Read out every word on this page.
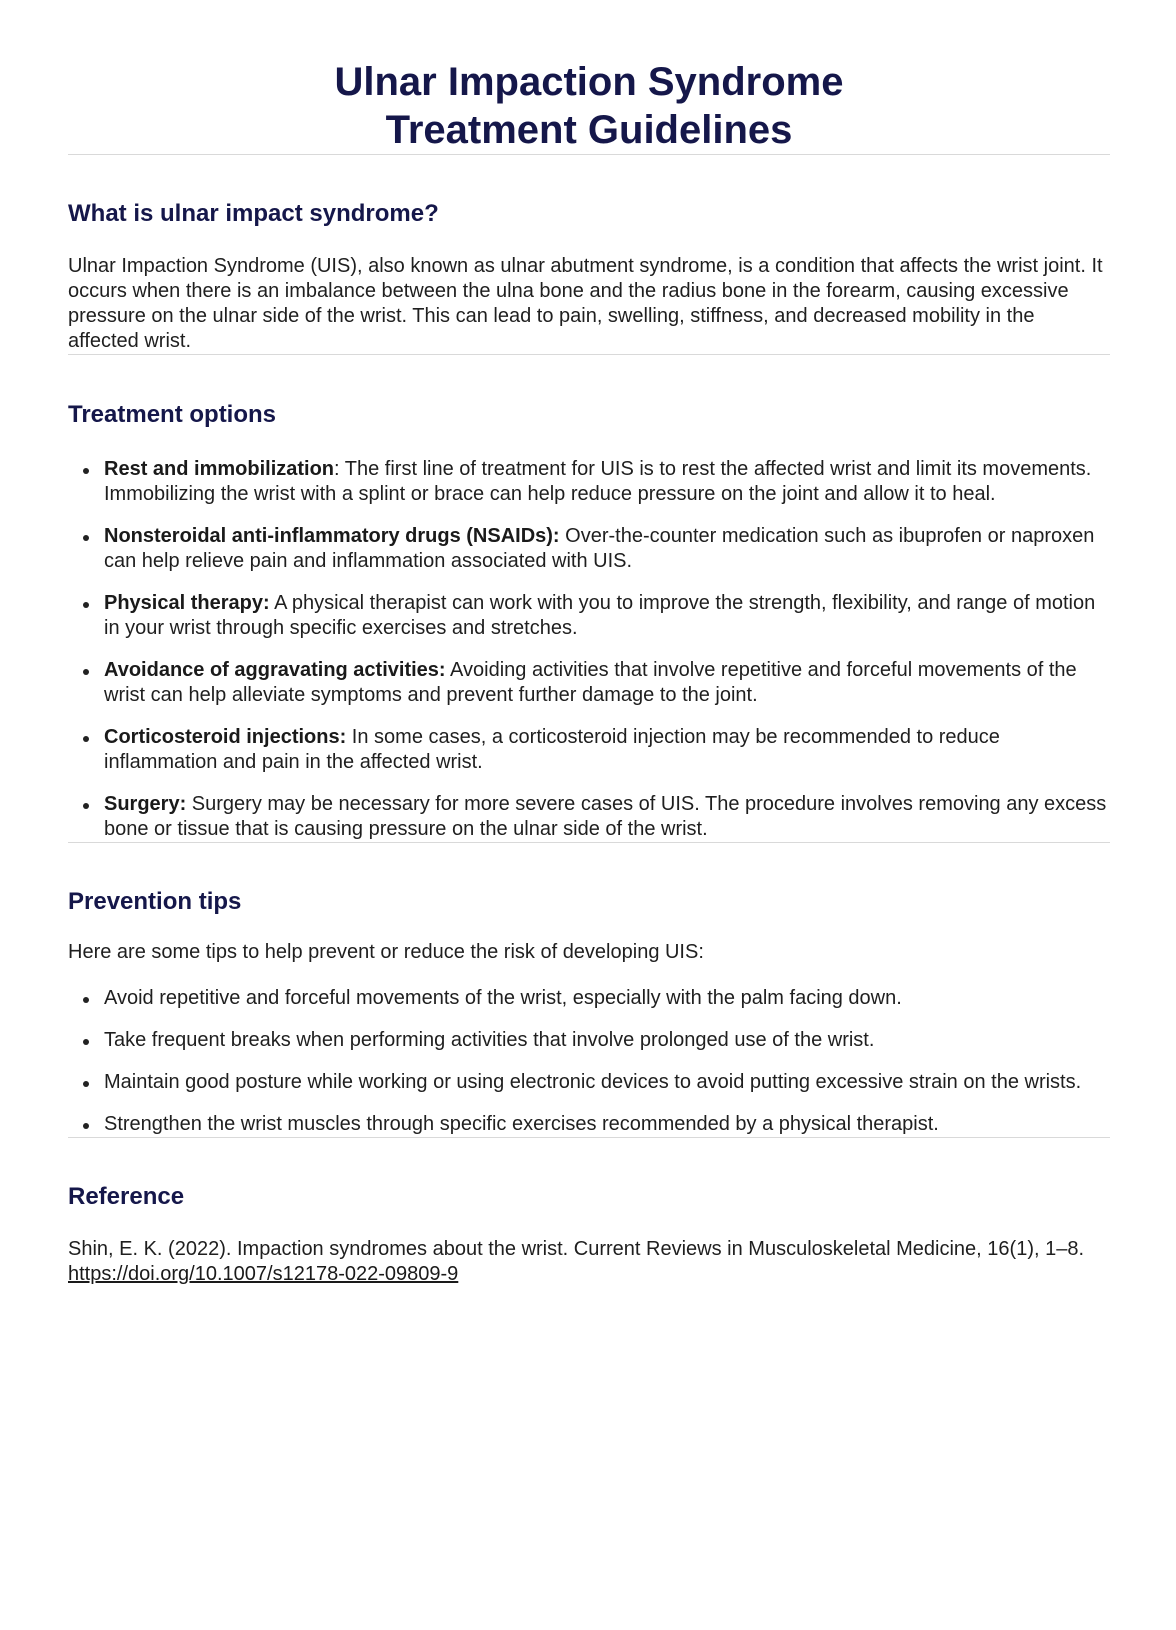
Ulnar Impaction Syndrome
Treatment Guidelines
What is ulnar impact syndrome?

Ulnar Impaction Syndrome (UIS), also known as ulnar abutment syndrome, is a condition that affects the wrist joint. It occurs when there is an imbalance between the ulna bone and the radius bone in the forearm, causing excessive pressure on the ulnar side of the wrist. This can lead to pain, swelling, stiffness, and decreased mobility in the affected wrist.

Treatment options
Rest and immobilization: The first line of treatment for UIS is to rest the affected wrist and limit its movements. Immobilizing the wrist with a splint or brace can help reduce pressure on the joint and allow it to heal.
Nonsteroidal anti-inflammatory drugs (NSAIDs): Over-the-counter medication such as ibuprofen or naproxen can help relieve pain and inflammation associated with UIS.
Physical therapy: A physical therapist can work with you to improve the strength, flexibility, and range of motion in your wrist through specific exercises and stretches.
Avoidance of aggravating activities: Avoiding activities that involve repetitive and forceful movements of the wrist can help alleviate symptoms and prevent further damage to the joint.
Corticosteroid injections: In some cases, a corticosteroid injection may be recommended to reduce inflammation and pain in the affected wrist.
Surgery: Surgery may be necessary for more severe cases of UIS. The procedure involves removing any excess bone or tissue that is causing pressure on the ulnar side of the wrist.
Prevention tips

Here are some tips to help prevent or reduce the risk of developing UIS:

Avoid repetitive and forceful movements of the wrist, especially with the palm facing down.
Take frequent breaks when performing activities that involve prolonged use of the wrist.
Maintain good posture while working or using electronic devices to avoid putting excessive strain on the wrists.
Strengthen the wrist muscles through specific exercises recommended by a physical therapist.
Reference

Shin, E. K. (2022). Impaction syndromes about the wrist. Current Reviews in Musculoskeletal Medicine, 16(1), 1–8. https://doi.org/10.1007/s12178-022-09809-9
